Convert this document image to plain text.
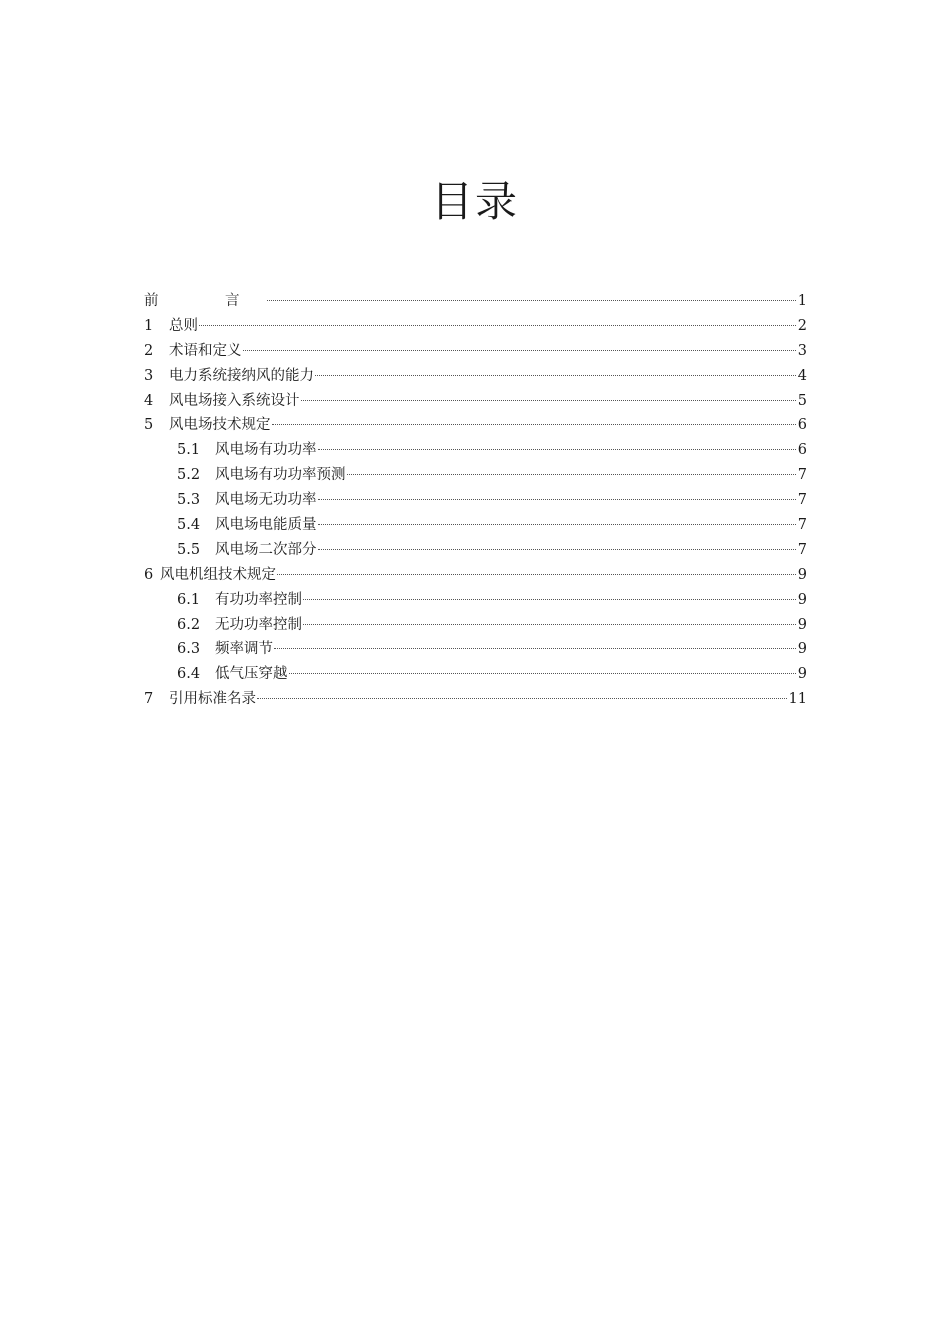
目录
前　言	1
1	总则	2
2	术语和定义	3
3	电力系统接纳风的能力	4
4	风电场接入系统设计	5
5	风电场技术规定	6
5.1	风电场有功功率	6
5.2	风电场有功功率预测	7
5.3	风电场无功功率	7
5.4	风电场电能质量	7
5.5	风电场二次部分	7
6 风电机组技术规定	9
6.1	有功功率控制	9
6.2	无功功率控制	9
6.3	频率调节	9
6.4	低气压穿越	9
7	引用标准名录	11
